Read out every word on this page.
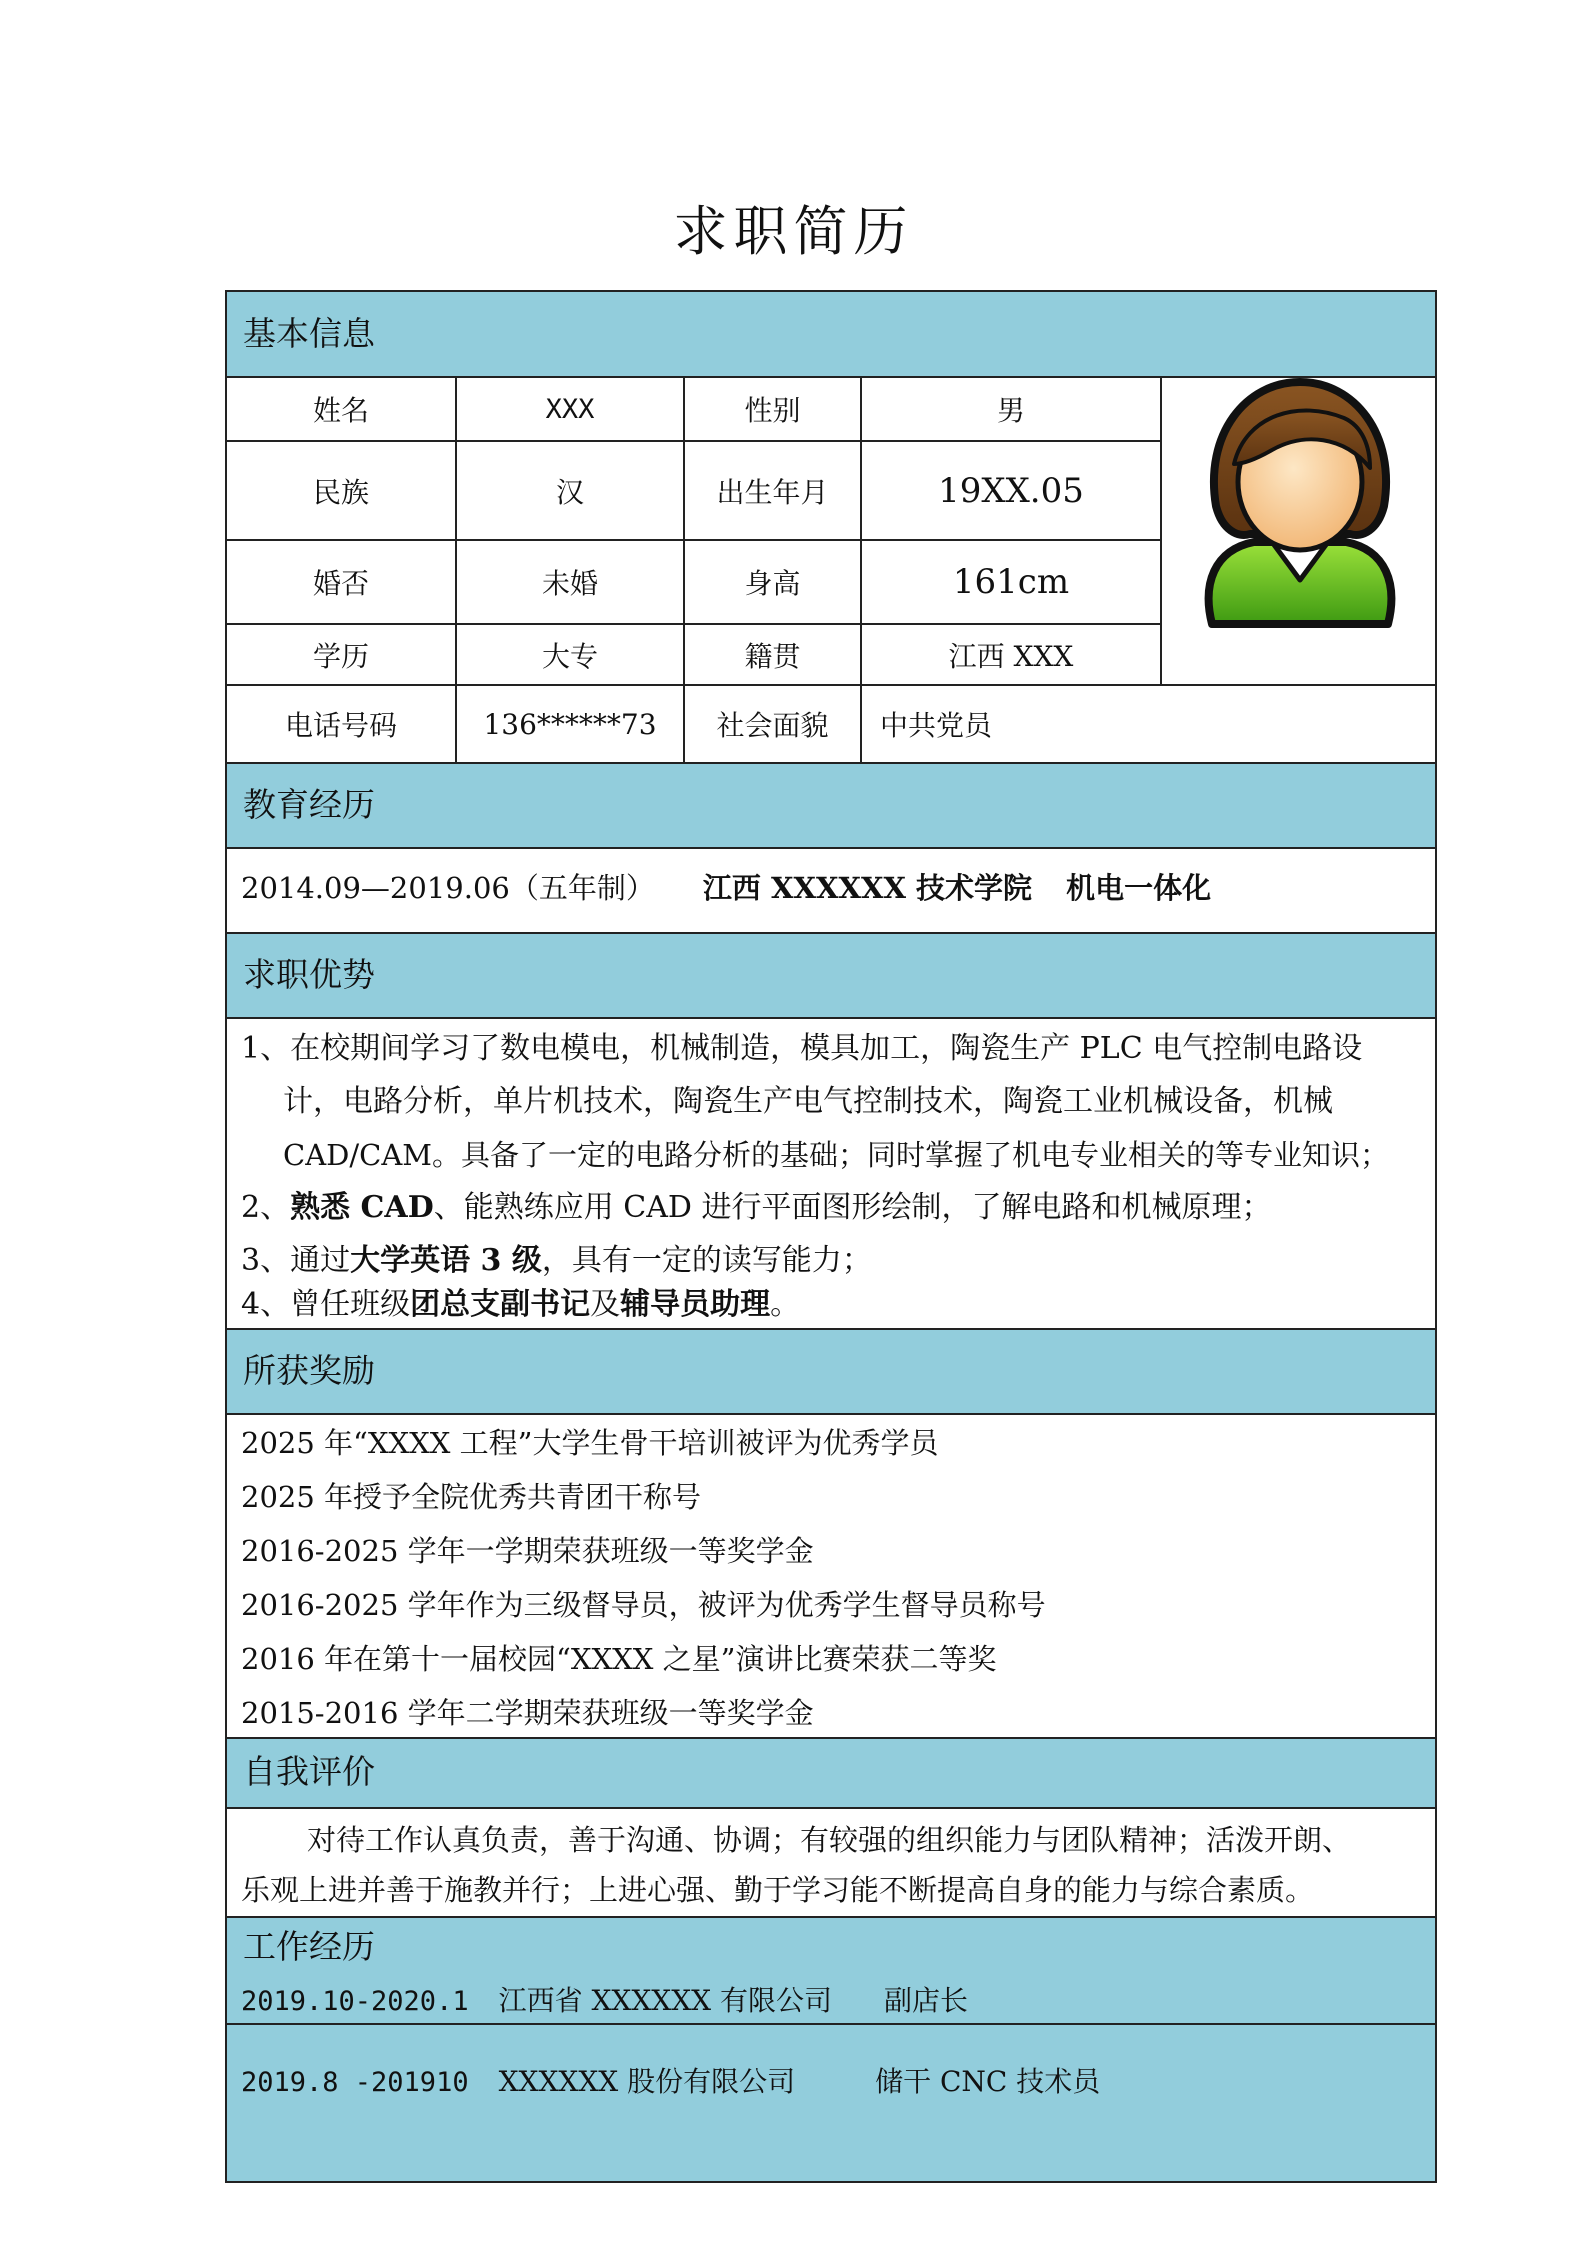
求职简历
基本信息
教育经历
求职优势
所获奖励
自我评价
工作经历
姓名	XXX	性别	男
民族	汉	出生年月	19XX.05
婚否	未婚	身高	161cm
学历	大专	籍贯	江西 XXX
电话号码	136******73	社会面貌	中共党员
2014.09—2019.06（五年制） 江西 XXXXXX 技术学院 机电一体化
1、在校期间学习了数电模电，机械制造，模具加工，陶瓷生产 PLC 电气控制电路设
计，电路分析，单片机技术，陶瓷生产电气控制技术，陶瓷工业机械设备，机械
CAD/CAM。具备了一定的电路分析的基础；同时掌握了机电专业相关的等专业知识；
2、熟悉 CAD、能熟练应用 CAD 进行平面图形绘制，了解电路和机械原理；
3、通过大学英语 3 级，具有一定的读写能力；
4、曾任班级团总支副书记及辅导员助理。
2025 年“XXXX 工程”大学生骨干培训被评为优秀学员
2025 年授予全院优秀共青团干称号
2016-2025 学年一学期荣获班级一等奖学金
2016-2025 学年作为三级督导员，被评为优秀学生督导员称号
2016 年在第十一届校园“XXXX 之星”演讲比赛荣获二等奖
2015-2016 学年二学期荣获班级一等奖学金
对待工作认真负责，善于沟通、协调；有较强的组织能力与团队精神；活泼开朗、
乐观上进并善于施教并行；上进心强、勤于学习能不断提高自身的能力与综合素质。
2019.10-2020.1 江西省 XXXXXX 有限公司 副店长
2019.8 -201910 XXXXXX 股份有限公司	储干 CNC 技术员
